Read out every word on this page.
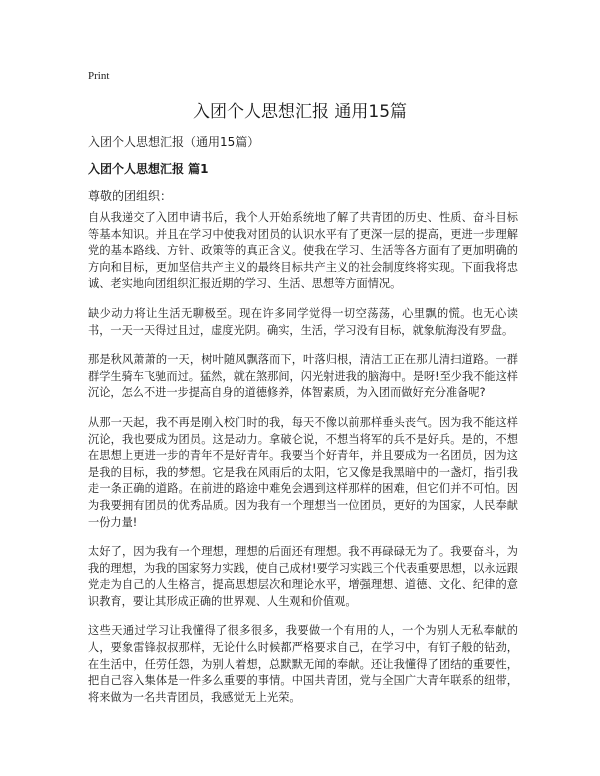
Print
入团个人思想汇报 通用15篇
入团个人思想汇报（通用15篇）
入团个人思想汇报 篇1
尊敬的团组织：

自从我递交了入团申请书后，我个人开始系统地了解了共青团的历史、性质、奋斗目标等基本知识。并且在学习中使我对团员的认识水平有了更深一层的提高，更进一步理解党的基本路线、方针、政策等的真正含义。使我在学习、生活等各方面有了更加明确的方向和目标，更加坚信共产主义的最终目标共产主义的社会制度终将实现。下面我将忠诚、老实地向团组织汇报近期的学习、生活、思想等方面情况。

缺少动力将让生活无聊极至。现在许多同学觉得一切空荡荡，心里飘的慌。也无心读书，一天一天得过且过，虚度光阴。确实，生活，学习没有目标，就象航海没有罗盘。

那是秋风萧萧的一天，树叶随风飘落而下，叶落归根，清洁工正在那儿清扫道路。一群群学生骑车飞驰而过。猛然，就在煞那间，闪光射进我的脑海中。是呀!至少我不能这样沉论，怎么不进一步提高自身的道德修养，体智素质，为入团而做好充分准备呢?

从那一天起，我不再是刚入校门时的我，每天不像以前那样垂头丧气。因为我不能这样沉论，我也要成为团员。这是动力。拿破仑说，不想当将军的兵不是好兵。是的，不想在思想上更进一步的青年不是好青年。我要当个好青年，并且要成为一名团员，因为这是我的目标，我的梦想。它是我在风雨后的太阳，它又像是我黑暗中的一盏灯，指引我走一条正确的道路。在前进的路途中难免会遇到这样那样的困难，但它们并不可怕。因为我要拥有团员的优秀品质。因为我有一个理想当一位团员，更好的为国家，人民奉献一份力量!

太好了，因为我有一个理想，理想的后面还有理想。我不再碌碌无为了。我要奋斗，为我的理想，为我的国家努力实践，使自己成材!要学习实践三个代表重要思想，以永远跟党走为自己的人生格言，提高思想层次和理论水平，增强理想、道德、文化、纪律的意识教育，要让其形成正确的世界观、人生观和价值观。

这些天通过学习让我懂得了很多很多，我要做一个有用的人，一个为别人无私奉献的人，要象雷锋叔叔那样，无论什么时候都严格要求自己，在学习中，有钉子般的钻劲，在生活中，任劳任怨，为别人着想，总默默无闻的奉献。还让我懂得了团结的重要性，把自己容入集体是一件多么重要的事情。中国共青团，党与全国广大青年联系的纽带，将来做为一名共青团员，我感觉无上光荣。
